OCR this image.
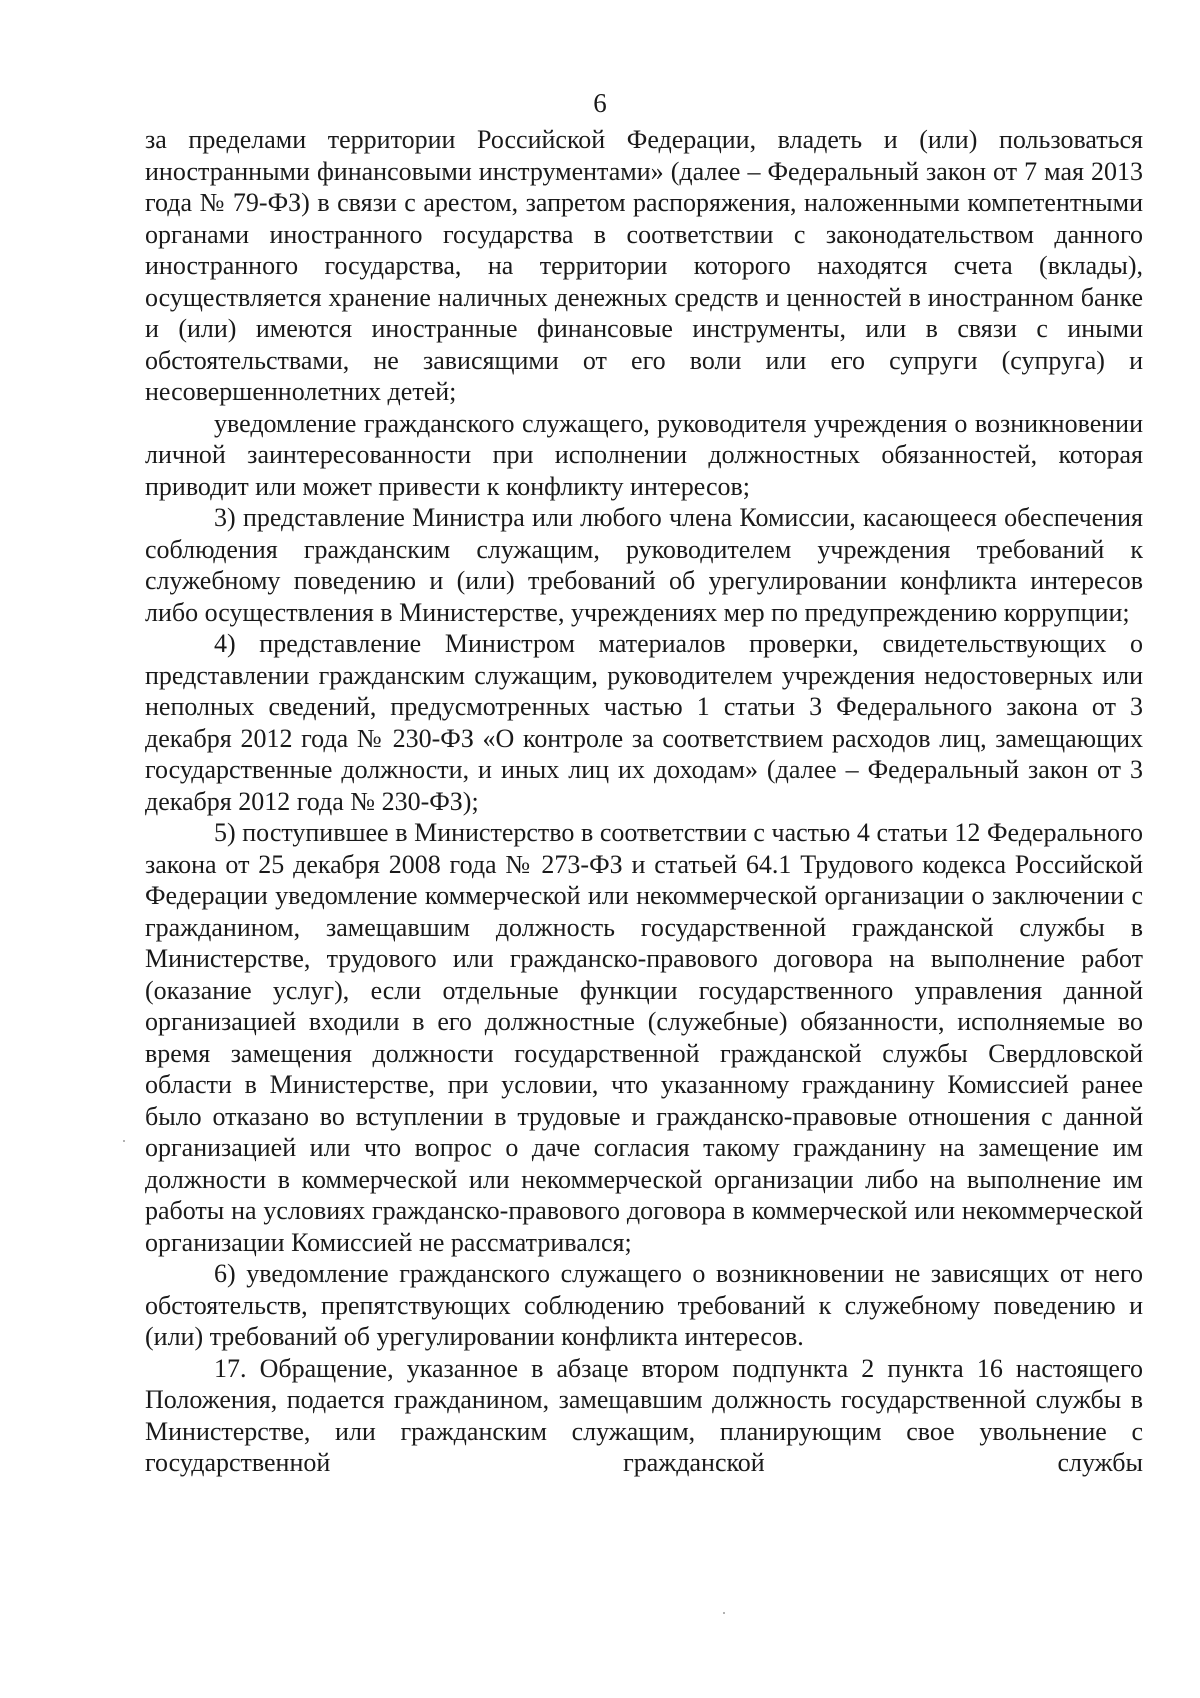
6

за пределами территории Российской Федерации, владеть и (или) пользоваться иностранными финансовыми инструментами» (далее – Федеральный закон от 7 мая 2013 года № 79-ФЗ) в связи с арестом, запретом распоряжения, наложенными компетентными органами иностранного государства в соответствии с законодательством данного иностранного государства, на территории которого находятся счета (вклады), осуществляется хранение наличных денежных средств и ценностей в иностранном банке и (или) имеются иностранные финансовые инструменты, или в связи с иными обстоятельствами, не зависящими от его воли или его супруги (супруга) и несовершеннолетних детей;

уведомление гражданского служащего, руководителя учреждения о возникновении личной заинтересованности при исполнении должностных обязанностей, которая приводит или может привести к конфликту интересов;

3) представление Министра или любого члена Комиссии, касающееся обеспечения соблюдения гражданским служащим, руководителем учреждения требований к служебному поведению и (или) требований об урегулировании конфликта интересов либо осуществления в Министерстве, учреждениях мер по предупреждению коррупции;

4) представление Министром материалов проверки, свидетельствующих о представлении гражданским служащим, руководителем учреждения недостоверных или неполных сведений, предусмотренных частью 1 статьи 3 Федерального закона от 3 декабря 2012 года № 230-ФЗ «О контроле за соответствием расходов лиц, замещающих государственные должности, и иных лиц их доходам» (далее – Федеральный закон от 3 декабря 2012 года № 230-ФЗ);

5) поступившее в Министерство в соответствии с частью 4 статьи 12 Федерального закона от 25 декабря 2008 года № 273-ФЗ и статьей 64.1 Трудового кодекса Российской Федерации уведомление коммерческой или некоммерческой организации о заключении с гражданином, замещавшим должность государственной гражданской службы в Министерстве, трудового или гражданско-правового договора на выполнение работ (оказание услуг), если отдельные функции государственного управления данной организацией входили в его должностные (служебные) обязанности, исполняемые во время замещения должности государственной гражданской службы Свердловской области в Министерстве, при условии, что указанному гражданину Комиссией ранее было отказано во вступлении в трудовые и гражданско-правовые отношения с данной организацией или что вопрос о даче согласия такому гражданину на замещение им должности в коммерческой или некоммерческой организации либо на выполнение им работы на условиях гражданско-правового договора в коммерческой или некоммерческой организации Комиссией не рассматривался;

6) уведомление гражданского служащего о возникновении не зависящих от него обстоятельств, препятствующих соблюдению требований к служебному поведению и (или) требований об урегулировании конфликта интересов.

17. Обращение, указанное в абзаце втором подпункта 2 пункта 16 настоящего Положения, подается гражданином, замещавшим должность государственной службы в Министерстве, или гражданским служащим, планирующим свое увольнение с государственной гражданской службы
